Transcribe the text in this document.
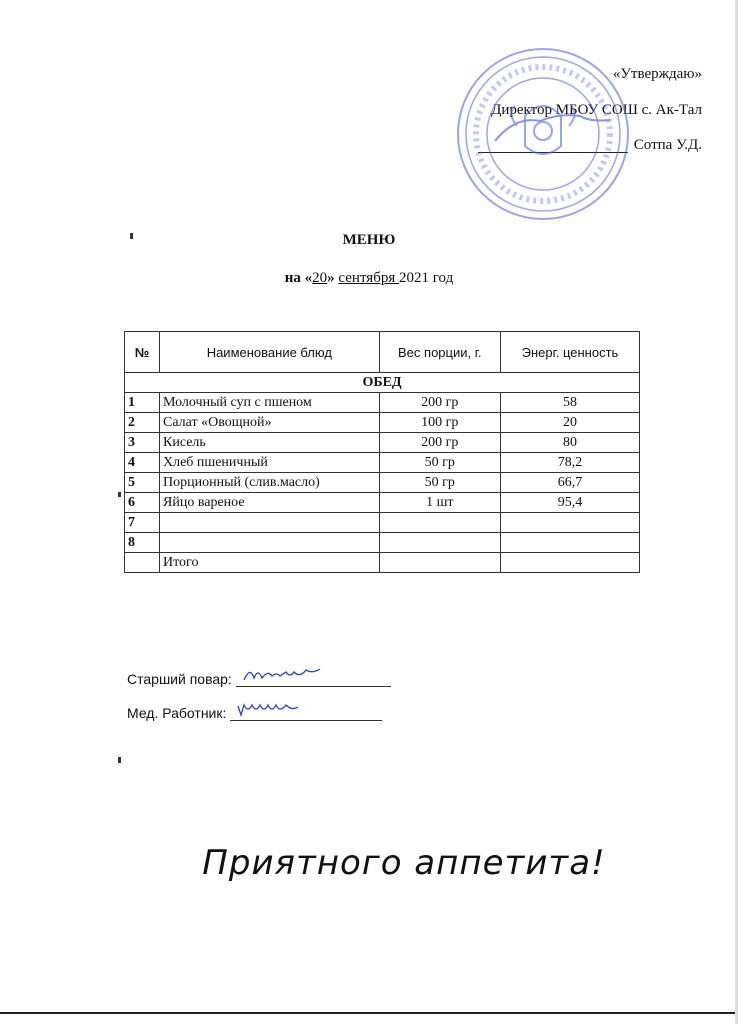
«Утверждаю»
Директор МБОУ СОШ с. Ак-Тал
Сотпа У.Д.
МЕНЮ
на «20» сентября 2021 год
№	Наименование блюд	Вес порции, г.	Энерг. ценность
ОБЕД			
1	Молочный суп с пшеном	200 гр	58
2	Салат «Овощной»	100 гр	20
3	Кисель	200 гр	80
4	Хлеб пшеничный	50 гр	78,2
5	Порционный (слив.масло)	50 гр	66,7
6	Яйцо вареное	1 шт	95,4
7			
8			
	Итого		
Старший повар:
Мед. Работник:
Приятного аппетита!
